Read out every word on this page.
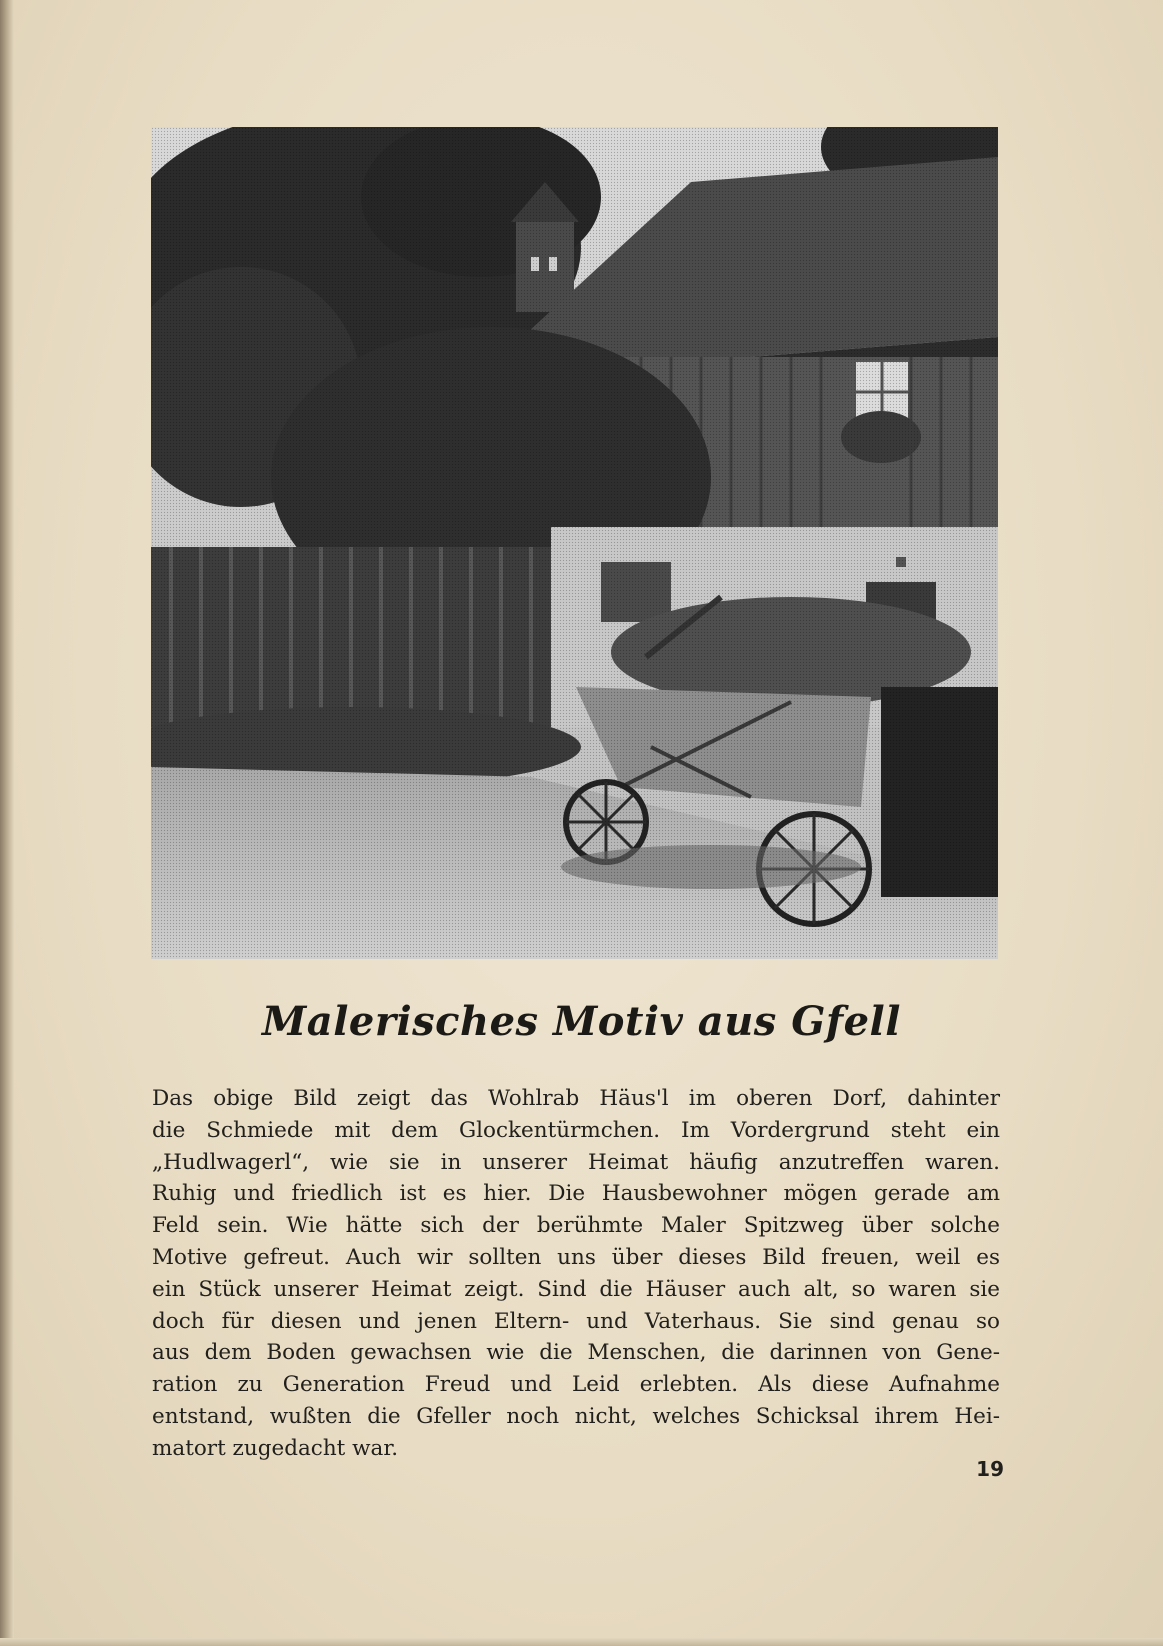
Malerisches Motiv aus Gfell
Das obige Bild zeigt das Wohlrab Häus'l im oberen Dorf, dahinter
die Schmiede mit dem Glockentürmchen. Im Vordergrund steht ein
„Hudlwagerl“, wie sie in unserer Heimat häufig anzutreffen waren.
Ruhig und friedlich ist es hier. Die Hausbewohner mögen gerade am
Feld sein. Wie hätte sich der berühmte Maler Spitzweg über solche
Motive gefreut. Auch wir sollten uns über dieses Bild freuen, weil es
ein Stück unserer Heimat zeigt. Sind die Häuser auch alt, so waren sie
doch für diesen und jenen Eltern- und Vaterhaus. Sie sind genau so
aus dem Boden gewachsen wie die Menschen, die darinnen von Gene-
ration zu Generation Freud und Leid erlebten. Als diese Aufnahme
entstand, wußten die Gfeller noch nicht, welches Schicksal ihrem Hei-
matort zugedacht war.
19
